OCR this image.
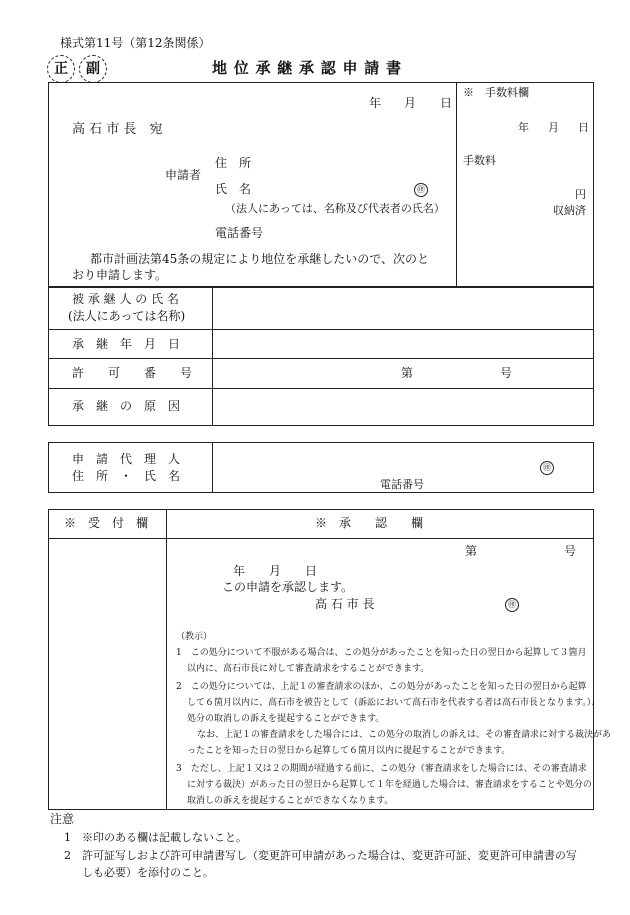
様式第11号（第12条関係）
正	副	地位承継承認申請書
年 月 日
高 石 市 長　宛
住　所
申請者
氏　名	㊞
（法人にあっては、名称及び代表者の氏名）
電話番号
都市計画法第45条の規定により地位を承継したいので、次のと
おり申請します。
※　手数料欄
年 月 日
手数料
円
収納済
被 承 継 人 の 氏 名
(法人にあっては名称)
承　継　年　月　日
許　　可　　番　　号	第	号
承　継　の　原　因
申　請　代　理　人
住　所　・　氏　名
㊞
電話番号
※　受　付　欄	※　承　　認　　欄
第	号
年　　月　　日
この申請を承認します。
高 石 市 長	㊞
（教示）
1　この処分について不服がある場合は、この処分があったことを知った日の翌日から起算して３箇月
以内に、高石市長に対して審査請求をすることができます。
2　この処分については、上記１の審査請求のほか、この処分があったことを知った日の翌日から起算
して６箇月以内に、高石市を被告として（訴訟において高石市を代表する者は高石市長となります。）、
処分の取消しの訴えを提起することができます。
なお、上記１の審査請求をした場合には、この処分の取消しの訴えは、その審査請求に対する裁決があ
ったことを知った日の翌日から起算して６箇月以内に提起することができます。
3　ただし、上記１又は２の期間が経過する前に、この処分（審査請求をした場合には、その審査請求
に対する裁決）があった日の翌日から起算して１年を経過した場合は、審査請求をすることや処分の
取消しの訴えを提起することができなくなります。
注意
1　※印のある欄は記載しないこと。
2　許可証写しおよび許可申請書写し（変更許可申請があった場合は、変更許可証、変更許可申請書の写
しも必要）を添付のこと。
